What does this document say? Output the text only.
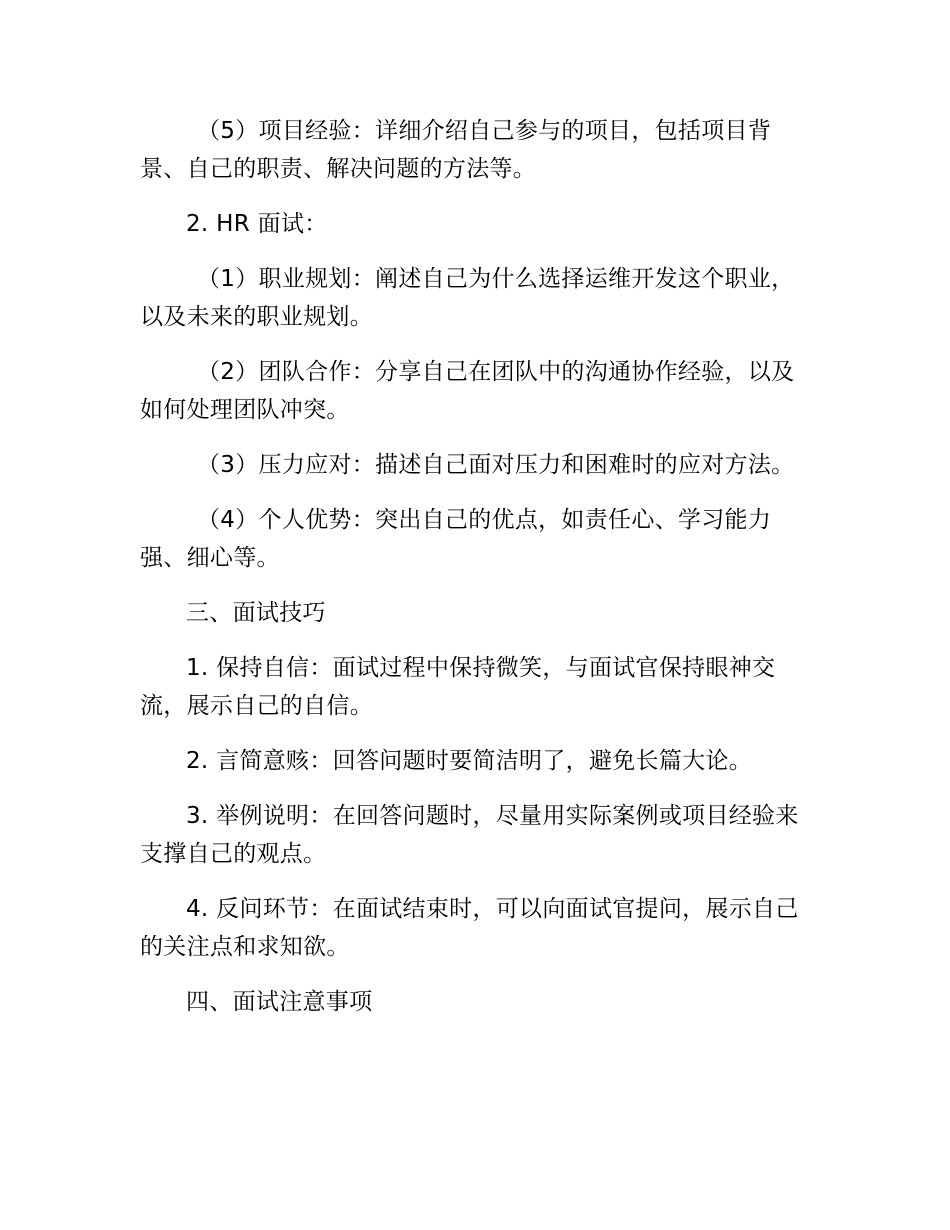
（5）项目经验：详细介绍自己参与的项目，包括项目背景、自己的职责、解决问题的方法等。

2. HR 面试：

（1）职业规划：阐述自己为什么选择运维开发这个职业，以及未来的职业规划。

（2）团队合作：分享自己在团队中的沟通协作经验，以及如何处理团队冲突。

（3）压力应对：描述自己面对压力和困难时的应对方法。

（4）个人优势：突出自己的优点，如责任心、学习能力强、细心等。

三、面试技巧

1. 保持自信：面试过程中保持微笑，与面试官保持眼神交流，展示自己的自信。

2. 言简意赅：回答问题时要简洁明了，避免长篇大论。

3. 举例说明：在回答问题时，尽量用实际案例或项目经验来支撑自己的观点。

4. 反问环节：在面试结束时，可以向面试官提问，展示自己的关注点和求知欲。

四、面试注意事项
